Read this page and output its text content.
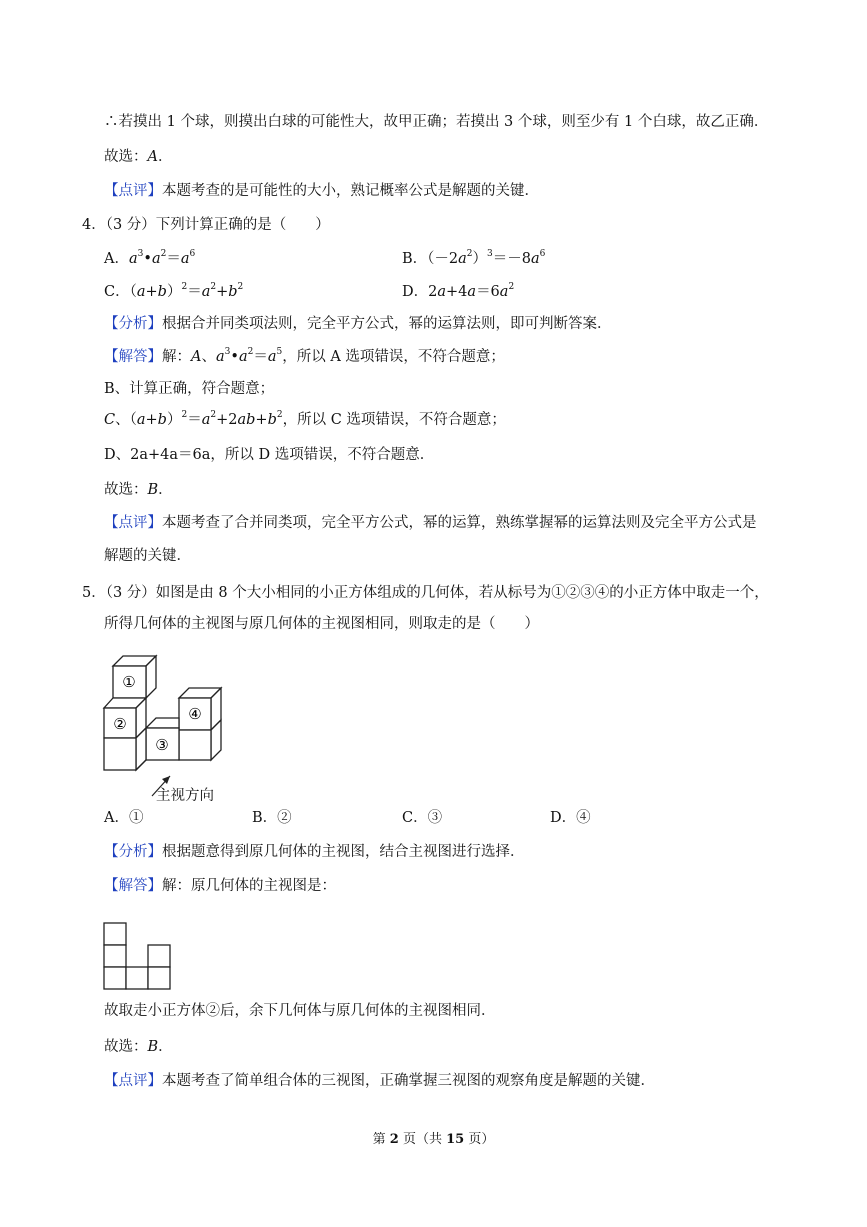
∴若摸出 1 个球，则摸出白球的可能性大，故甲正确；若摸出 3 个球，则至少有 1 个白球，故乙正确．
故选：A．
【点评】本题考查的是可能性的大小，熟记概率公式是解题的关键．
4．（3 分）下列计算正确的是（　　）
A．$a^3•a^2=a^6$	B．$(-2a^2)^3=-8a^6$
C．$(a+b)^2=a^2+b^2$	D．$2a+4a=6a^2$
【分析】根据合并同类项法则，完全平方公式，幂的运算法则，即可判断答案．
【解答】解：A、$a^3•a^2=a^5$，所以 A 选项错误，不符合题意；
B、计算正确，符合题意；
C、$(a+b)^2=a^2+2ab+b^2$，所以 C 选项错误，不符合题意；
D、2a+4a＝6a，所以 D 选项错误，不符合题意．
故选：B．
【点评】本题考查了合并同类项，完全平方公式，幂的运算，熟练掌握幂的运算法则及完全平方公式是
解题的关键．
5．（3 分）如图是由 8 个大小相同的小正方体组成的几何体，若从标号为①②③④的小正方体中取走一个，
所得几何体的主视图与原几何体的主视图相同，则取走的是（　　）
①
②
③
④
主视方向
A．①	B．②	C．③	D．④
【分析】根据题意得到原几何体的主视图，结合主视图进行选择．
【解答】解：原几何体的主视图是：
故取走小正方体②后，余下几何体与原几何体的主视图相同．
故选：B．
【点评】本题考查了简单组合体的三视图，正确掌握三视图的观察角度是解题的关键．
第 2 页（共 15 页）
